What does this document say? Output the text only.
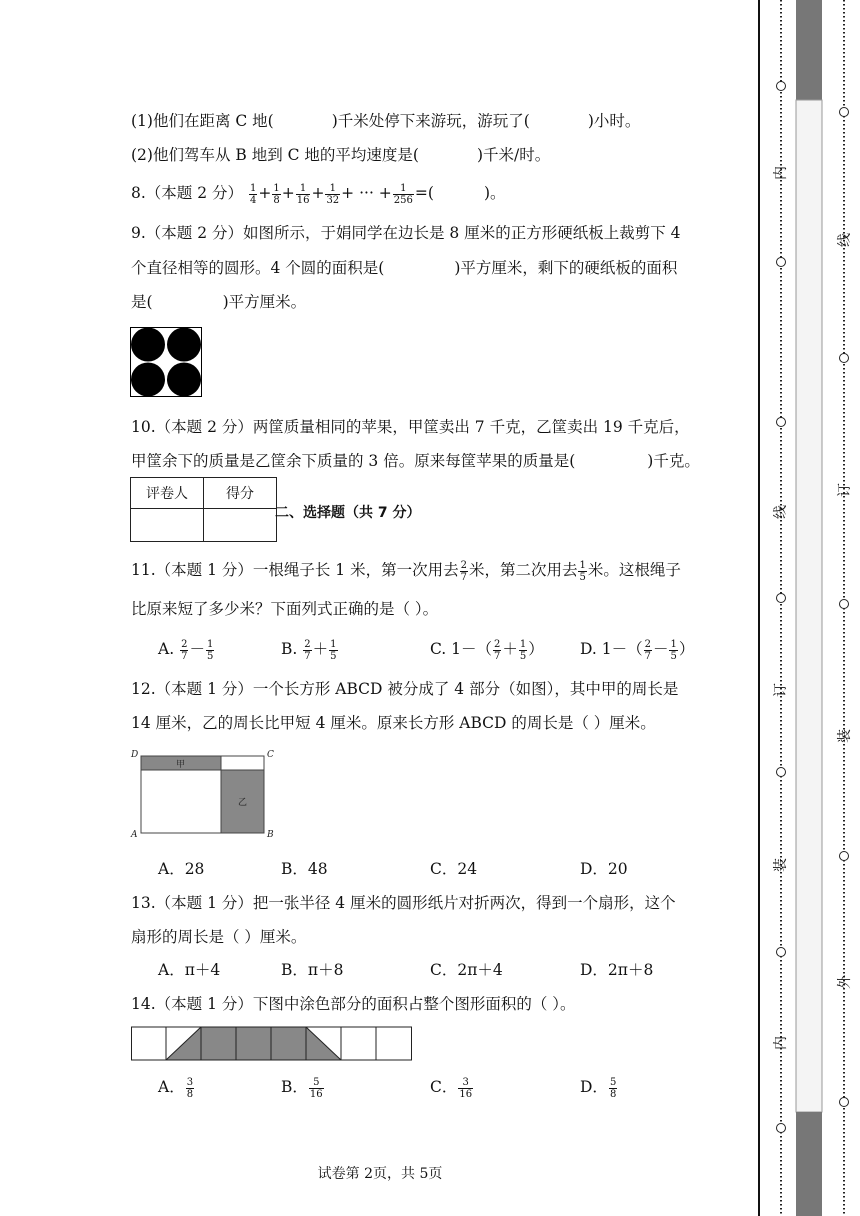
(1)他们在距离 C 地(	)千米处停下来游玩，游玩了(	)小时。
(2)他们驾车从 B 地到 C 地的平均速度是(	)千米/时。
8.（本题 2 分） $\frac{1}{4} + \frac{1}{8} + \frac{1}{16} + \frac{1}{32}$ + ··· + $\frac{1}{256}$ =(	)。
9.（本题 2 分）如图所示，于娟同学在边长是 8 厘米的正方形硬纸板上裁剪下 4
个直径相等的圆形。4 个圆的面积是(	)平方厘米，剩下的硬纸板的面积
是(	)平方厘米。
10.（本题 2 分）两筐质量相同的苹果，甲筐卖出 7 千克，乙筐卖出 19 千克后，
甲筐余下的质量是乙筐余下质量的 3 倍。原来每筐苹果的质量是(	)千克。
评卷人	得分

二、选择题（共 7 分）
11.（本题 1 分）一根绳子长 1 米，第一次用去 $\frac{2}{7}$ 米，第二次用去 $\frac{1}{5}$ 米。这根绳子
比原来短了多少米？下面列式正确的是（ ）。
A. $\frac{2}{7} - \frac{1}{5}$	B. $\frac{2}{7} + \frac{1}{5}$	C. $1-( \frac{2}{7} + \frac{1}{5}$ ） D. $1-( \frac{2}{7} - \frac{1}{5}$ ）
12.（本题 1 分）一个长方形 ABCD 被分成了 4 部分（如图），其中甲的周长是
14 厘米，乙的周长比甲短 4 厘米。原来长方形 ABCD 的周长是（ ）厘米。
甲
乙
D	C
A	B
A．28	B．48	C．24	D．20
13.（本题 1 分）把一张半径 4 厘米的圆形纸片对折两次，得到一个扇形，这个
扇形的周长是（ ）厘米。
A．π＋4	B．π＋8	C．2π＋4	D．2π＋8
14.（本题 1 分）下图中涂色部分的面积占整个图形面积的（ ）。
A． $\frac{3}{8}$	B． $\frac{5}{16}$	C． $\frac{3}{16}$	D． $\frac{5}{8}$
试卷第 2页，共 5页
内
线
订
装
内
线
订
装
外
